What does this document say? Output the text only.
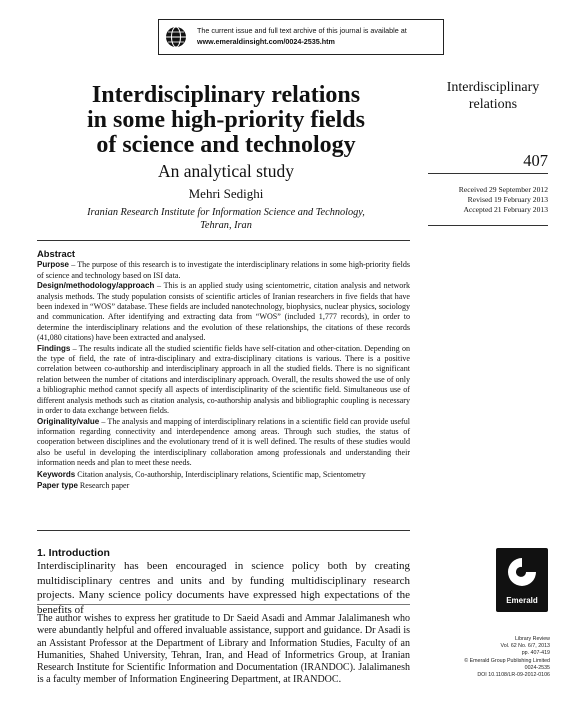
The current issue and full text archive of this journal is available at
www.emeraldinsight.com/0024-2535.htm
Interdisciplinary relations
in some high-priority fields
of science and technology
An analytical study
Mehri Sedighi
Iranian Research Institute for Information Science and Technology,
Tehran, Iran
Interdisciplinary
relations
407
Received 29 September 2012
Revised 19 February 2013
Accepted 21 February 2013
Abstract

Purpose – The purpose of this research is to investigate the interdisciplinary relations in some high-priority fields of science and technology based on ISI data.

Design/methodology/approach – This is an applied study using scientometric, citation analysis and network analysis methods. The study population consists of scientific articles of Iranian researchers in five fields that have been indexed in “WOS” database. These fields are included nanotechnology, biophysics, nuclear physics, sociology and communication. After identifying and extracting data from “WOS” (included 1,777 records), in order to determine the interdisciplinary relations and the evolution of these relationships, the citations of these records (41,080 citations) have been extracted and analysed.

Findings – The results indicate all the studied scientific fields have self-citation and other-citation. Depending on the type of field, the rate of intra-disciplinary and extra-disciplinary citations is various. There is a positive correlation between co-authorship and interdisciplinary approach in all the studied fields. There is no significant relation between the number of citations and interdisciplinary approach. Overall, the results showed the use of only a bibliographic method cannot specify all aspects of interdisciplinarity of the scientific field. Simultaneous use of different analysis methods such as citation analysis, co-authorship analysis and bibliographic coupling is necessary in order to data exchange between fields.

Originality/value – The analysis and mapping of interdisciplinary relations in a scientific field can provide useful information regarding connectivity and interdependence among areas. Through such studies, the status of cooperation between disciplines and the evolutionary trend of it is well defined. The results of these studies would also be useful in developing the interdisciplinary collaboration among professionals and understanding their information needs and plan to meet these needs.

Keywords Citation analysis, Co-authorship, Interdisciplinary relations, Scientific map, Scientometry

Paper type Research paper

1. Introduction

Interdisciplinarity has been encouraged in science policy both by creating multidisciplinary centres and units and by funding multidisciplinary research projects. Many science policy documents have expressed high expectations of the benefits of

The author wishes to express her gratitude to Dr Saeid Asadi and Ammar Jalalimanesh who were abundantly helpful and offered invaluable assistance, support and guidance. Dr Asadi is an Assistant Professor at the Department of Library and Information Studies, Faculty of an Humanities, Shahed University, Tehran, Iran, and Head of Informetrics Group, at Iranian Research Institute for Scientific Information and Documentation (IRANDOC). Jalalimanesh is a faculty member of Information Engineering Department, at IRANDOC.

Emerald
Library Review
Vol. 62 No. 6/7, 2013
pp. 407-419
© Emerald Group Publishing Limited
0024-2535
DOI 10.1108/LR-09-2012-0106
